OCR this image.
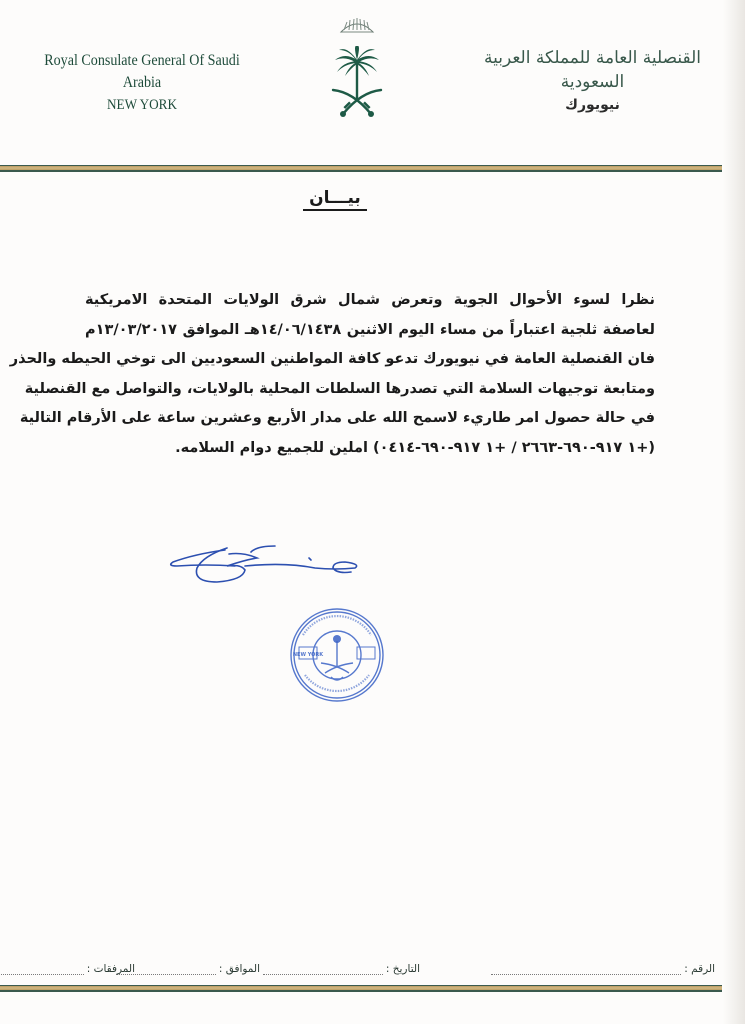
Royal Consulate General Of Saudi Arabia
NEW YORK
القنصلية العامة للمملكة العربية السعودية
نيويورك
بيـــان
نظرا لسوء الأحوال الجوية وتعرض شمال شرق الولايات المتحدة الامريكية
لعاصفة ثلجية اعتباراً من مساء اليوم الاثنين ١٤/٠٦/١٤٣٨هـ الموافق ١٣/٠٣/٢٠١٧م
فان القنصلية العامة في نيويورك تدعو كافة المواطنين السعوديين الى توخي الحيطه والحذر
ومتابعة توجيهات السلامة التي تصدرها السلطات المحلية بالولايات، والتواصل مع القنصلية
في حالة حصول امر طاريء لاسمح الله على مدار الأربع وعشرين ساعة على الأرقام التالية
(+١ ٩١٧-٦٩٠-٢٦٦٣ / +١ ٩١٧-٦٩٠-٠٤١٤) املين للجميع دوام السلامه.
NEW YORK
الرقم :
التاريخ :
الموافق :
المرفقات :
